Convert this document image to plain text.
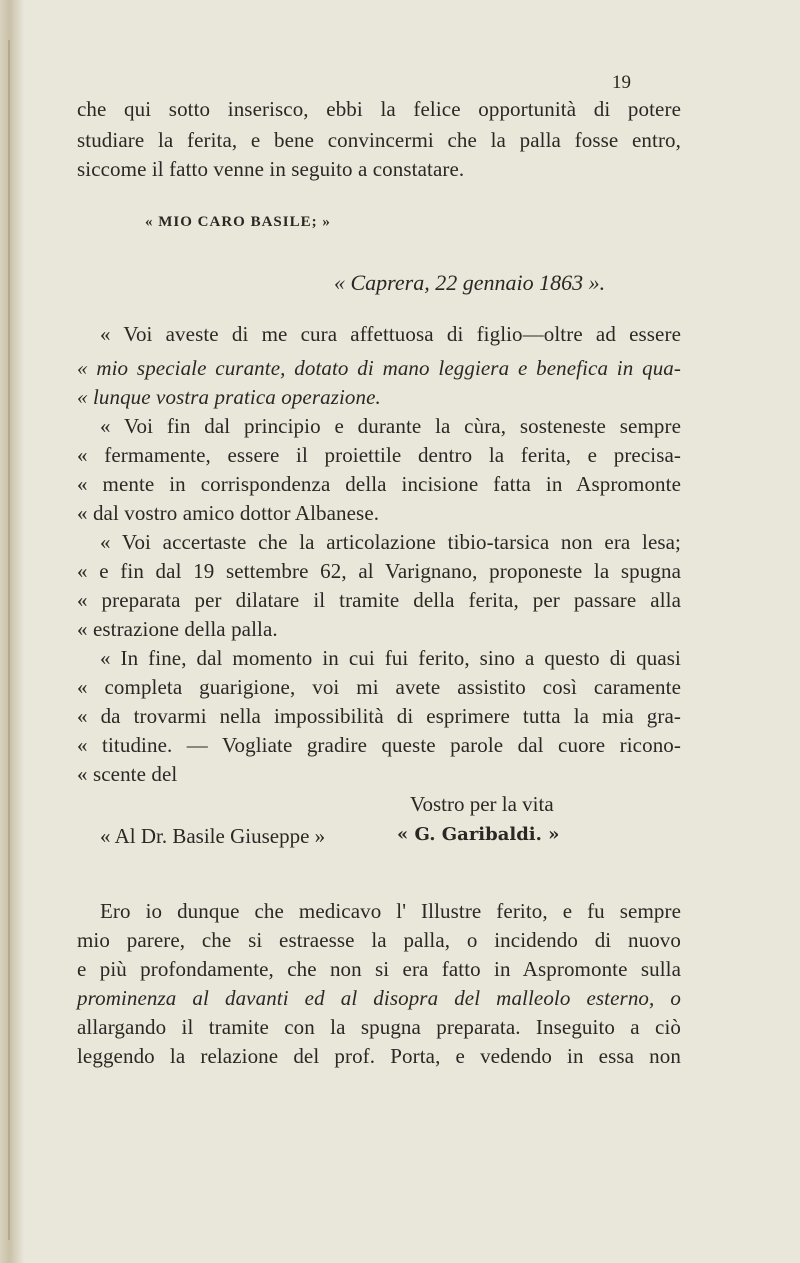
19
che qui sotto inserisco, ebbi la felice opportunità di potere
studiare la ferita, e bene convincermi che la palla fosse entro,
siccome il fatto venne in seguito a constatare.
« MIO CARO BASILE; »
« Caprera, 22 gennaio 1863 ».
« Voi aveste di me cura affettuosa di figlio—oltre ad essere
« mio speciale curante, dotato di mano leggiera e benefica in qua-
« lunque vostra pratica operazione.
« Voi fin dal principio e durante la cùra, sosteneste sempre
« fermamente, essere il proiettile dentro la ferita, e precisa-
« mente in corrispondenza della incisione fatta in Aspromonte
« dal vostro amico dottor Albanese.
« Voi accertaste che la articolazione tibio-tarsica non era lesa;
« e fin dal 19 settembre 62, al Varignano, proponeste la spugna
« preparata per dilatare il tramite della ferita, per passare alla
« estrazione della palla.
« In fine, dal momento in cui fui ferito, sino a questo di quasi
« completa guarigione, voi mi avete assistito così caramente
« da trovarmi nella impossibilità di esprimere tutta la mia gra-
« titudine. — Vogliate gradire queste parole dal cuore ricono-
« scente del
Vostro per la vita
« Al Dr. Basile Giuseppe »	« G. Garibaldi. »
Ero io dunque che medicavo l' Illustre ferito, e fu sempre
mio parere, che si estraesse la palla, o incidendo di nuovo
e più profondamente, che non si era fatto in Aspromonte sulla
prominenza al davanti ed al disopra del malleolo esterno, o
allargando il tramite con la spugna preparata. Inseguito a ciò
leggendo la relazione del prof. Porta, e vedendo in essa non
